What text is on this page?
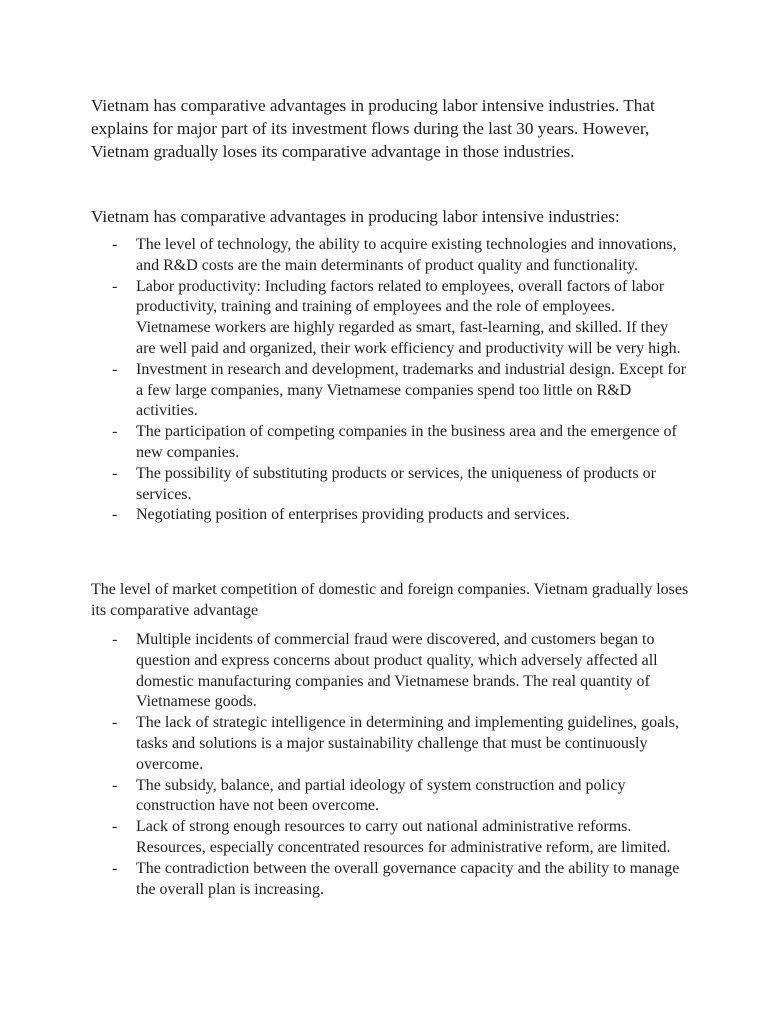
Vietnam has comparative advantages in producing labor intensive industries. That explains for major part of its investment flows during the last 30 years. However, Vietnam gradually loses its comparative advantage in those industries.

Vietnam has comparative advantages in producing labor intensive industries:

- The level of technology, the ability to acquire existing technologies and innovations, and R&D costs are the main determinants of product quality and functionality.
- Labor productivity: Including factors related to employees, overall factors of labor productivity, training and training of employees and the role of employees. Vietnamese workers are highly regarded as smart, fast-learning, and skilled. If they are well paid and organized, their work efficiency and productivity will be very high.
- Investment in research and development, trademarks and industrial design. Except for a few large companies, many Vietnamese companies spend too little on R&D activities.
- The participation of competing companies in the business area and the emergence of new companies.
- The possibility of substituting products or services, the uniqueness of products or services.
- Negotiating position of enterprises providing products and services.

The level of market competition of domestic and foreign companies. Vietnam gradually loses its comparative advantage

- Multiple incidents of commercial fraud were discovered, and customers began to question and express concerns about product quality, which adversely affected all domestic manufacturing companies and Vietnamese brands. The real quantity of Vietnamese goods.
- The lack of strategic intelligence in determining and implementing guidelines, goals, tasks and solutions is a major sustainability challenge that must be continuously overcome.
- The subsidy, balance, and partial ideology of system construction and policy construction have not been overcome.
- Lack of strong enough resources to carry out national administrative reforms. Resources, especially concentrated resources for administrative reform, are limited.
- The contradiction between the overall governance capacity and the ability to manage the overall plan is increasing.
